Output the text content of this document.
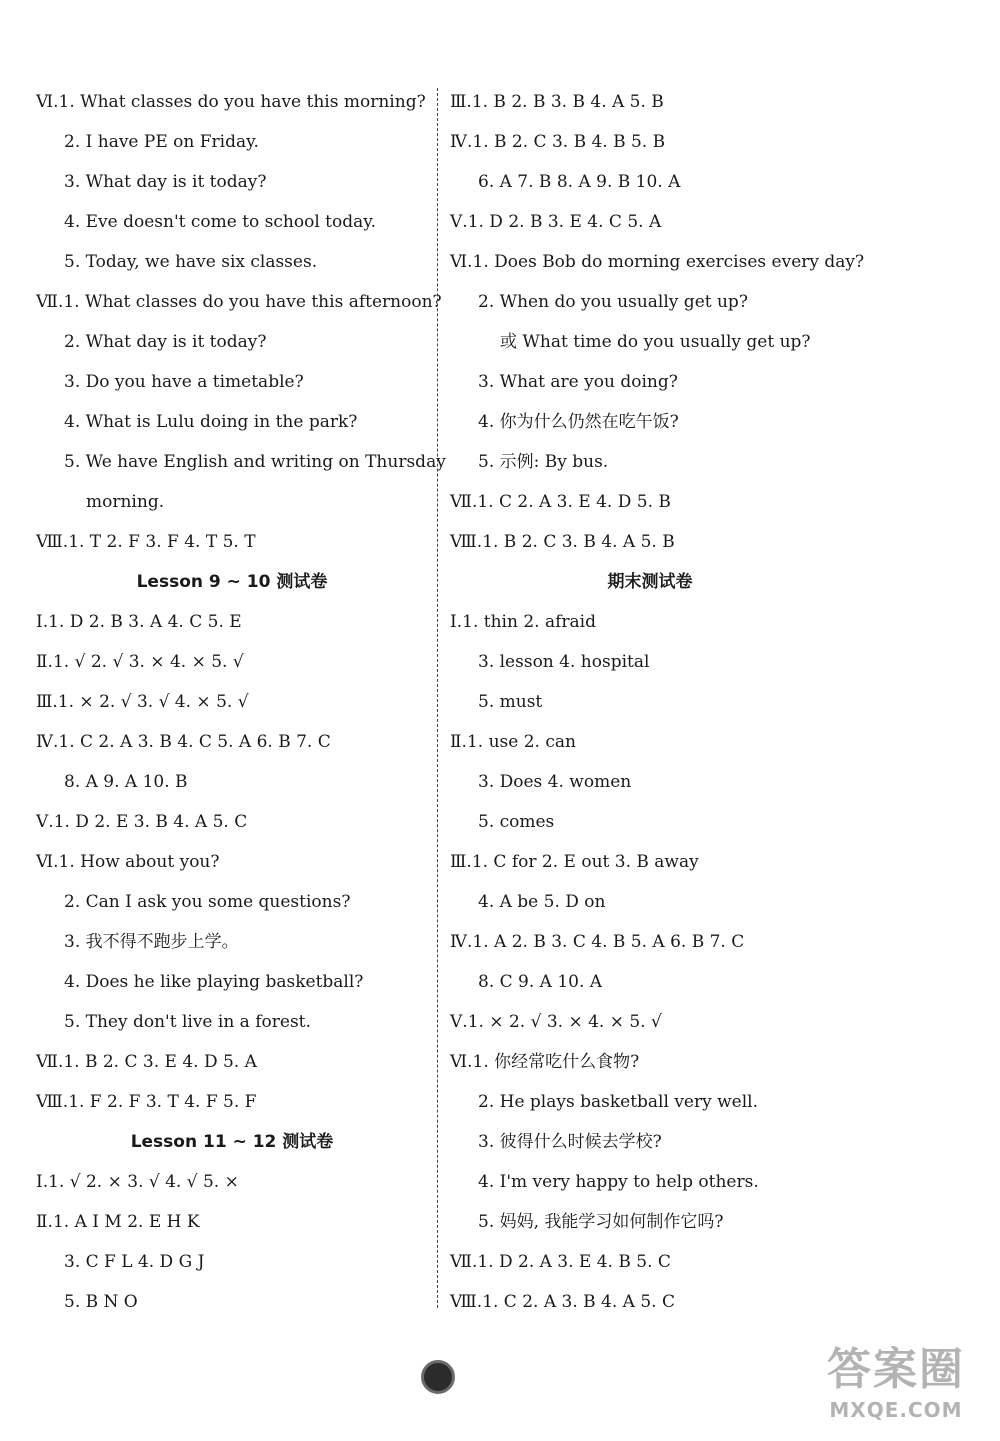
Ⅵ.1. What classes do you have this morning?
2. I have PE on Friday.
3. What day is it today?
4. Eve doesn't come to school today.
5. Today, we have six classes.
Ⅶ.1. What classes do you have this afternoon?
2. What day is it today?
3. Do you have a timetable?
4. What is Lulu doing in the park?
5. We have English and writing on Thursday
morning.
Ⅷ.1. T 2. F 3. F 4. T 5. T
Lesson 9 ~ 10 测试卷
Ⅰ.1. D 2. B 3. A 4. C 5. E
Ⅱ.1. √ 2. √ 3. × 4. × 5. √
Ⅲ.1. × 2. √ 3. √ 4. × 5. √
Ⅳ.1. C 2. A 3. B 4. C 5. A 6. B 7. C
8. A 9. A 10. B
Ⅴ.1. D 2. E 3. B 4. A 5. C
Ⅵ.1. How about you?
2. Can I ask you some questions?
3. 我不得不跑步上学。
4. Does he like playing basketball?
5. They don't live in a forest.
Ⅶ.1. B 2. C 3. E 4. D 5. A
Ⅷ.1. F 2. F 3. T 4. F 5. F
Lesson 11 ~ 12 测试卷
Ⅰ.1. √ 2. × 3. √ 4. √ 5. ×
Ⅱ.1. A I M 2. E H K
3. C F L 4. D G J
5. B N O
Ⅲ.1. B 2. B 3. B 4. A 5. B
Ⅳ.1. B 2. C 3. B 4. B 5. B
6. A 7. B 8. A 9. B 10. A
Ⅴ.1. D 2. B 3. E 4. C 5. A
Ⅵ.1. Does Bob do morning exercises every day?
2. When do you usually get up?
或 What time do you usually get up?
3. What are you doing?
4. 你为什么仍然在吃午饭?
5. 示例: By bus.
Ⅶ.1. C 2. A 3. E 4. D 5. B
Ⅷ.1. B 2. C 3. B 4. A 5. B
期末测试卷
Ⅰ.1. thin 2. afraid
3. lesson 4. hospital
5. must
Ⅱ.1. use 2. can
3. Does 4. women
5. comes
Ⅲ.1. C for 2. E out 3. B away
4. A be 5. D on
Ⅳ.1. A 2. B 3. C 4. B 5. A 6. B 7. C
8. C 9. A 10. A
Ⅴ.1. × 2. √ 3. × 4. × 5. √
Ⅵ.1. 你经常吃什么食物?
2. He plays basketball very well.
3. 彼得什么时候去学校?
4. I'm very happy to help others.
5. 妈妈, 我能学习如何制作它吗?
Ⅶ.1. D 2. A 3. E 4. B 5. C
Ⅷ.1. C 2. A 3. B 4. A 5. C
答案圈
MXQE.COM
